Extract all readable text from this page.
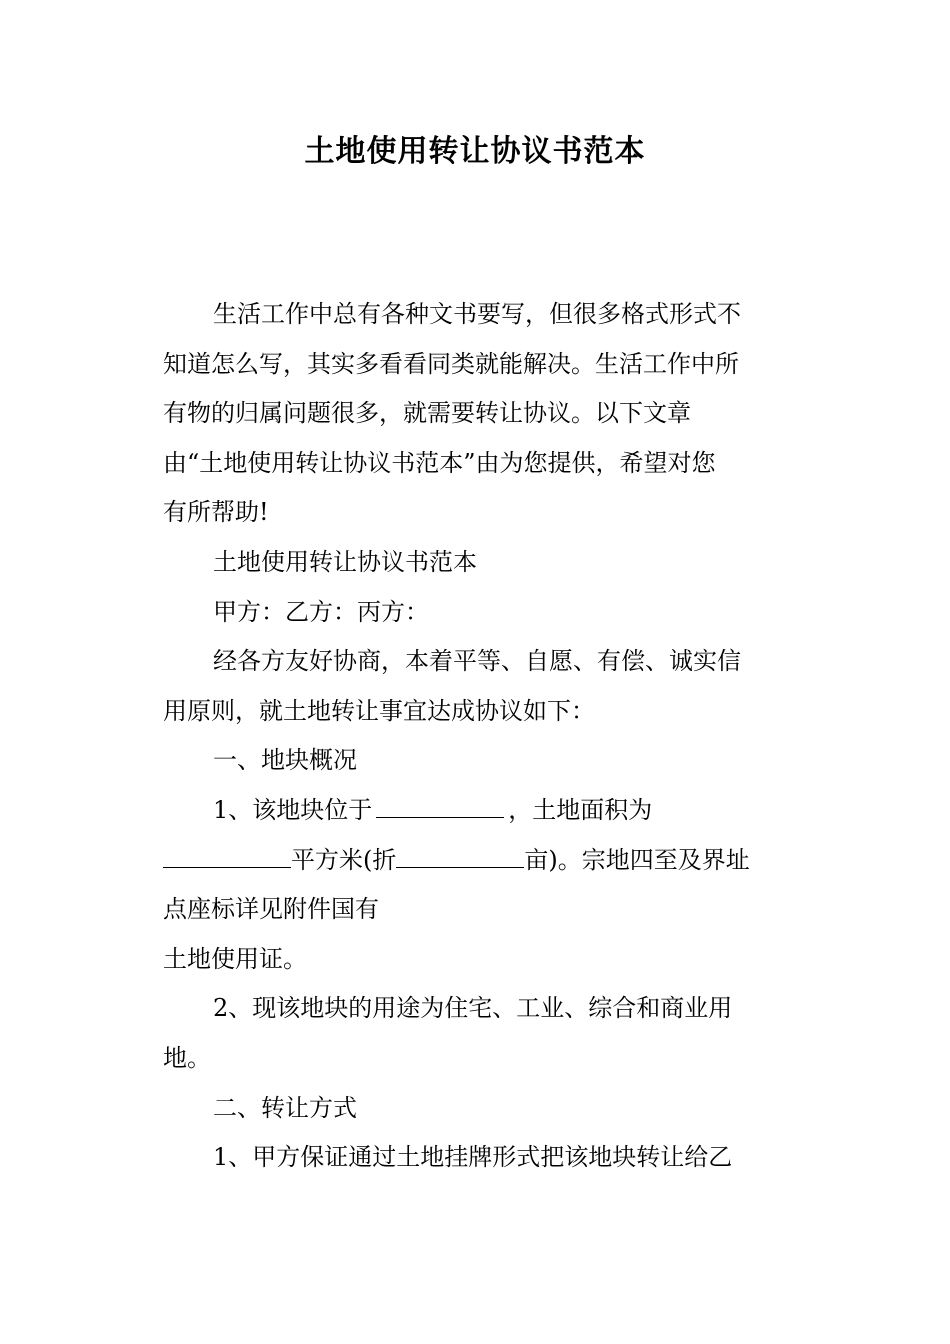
土地使用转让协议书范本
生活工作中总有各种文书要写，但很多格式形式不
知道怎么写，其实多看看同类就能解决。生活工作中所
有物的归属问题很多，就需要转让协议。以下文章
由“土地使用转让协议书范本”由为您提供，希望对您
有所帮助!
土地使用转让协议书范本
甲方：乙方：丙方：
经各方友好协商，本着平等、自愿、有偿、诚实信
用原则，就土地转让事宜达成协议如下：
一、地块概况
1、该地块位于	，土地面积为
平方米(折	亩)。宗地四至及界址
点座标详见附件国有
土地使用证。
2、现该地块的用途为住宅、工业、综合和商业用
地。
二、转让方式
1、甲方保证通过土地挂牌形式把该地块转让给乙
